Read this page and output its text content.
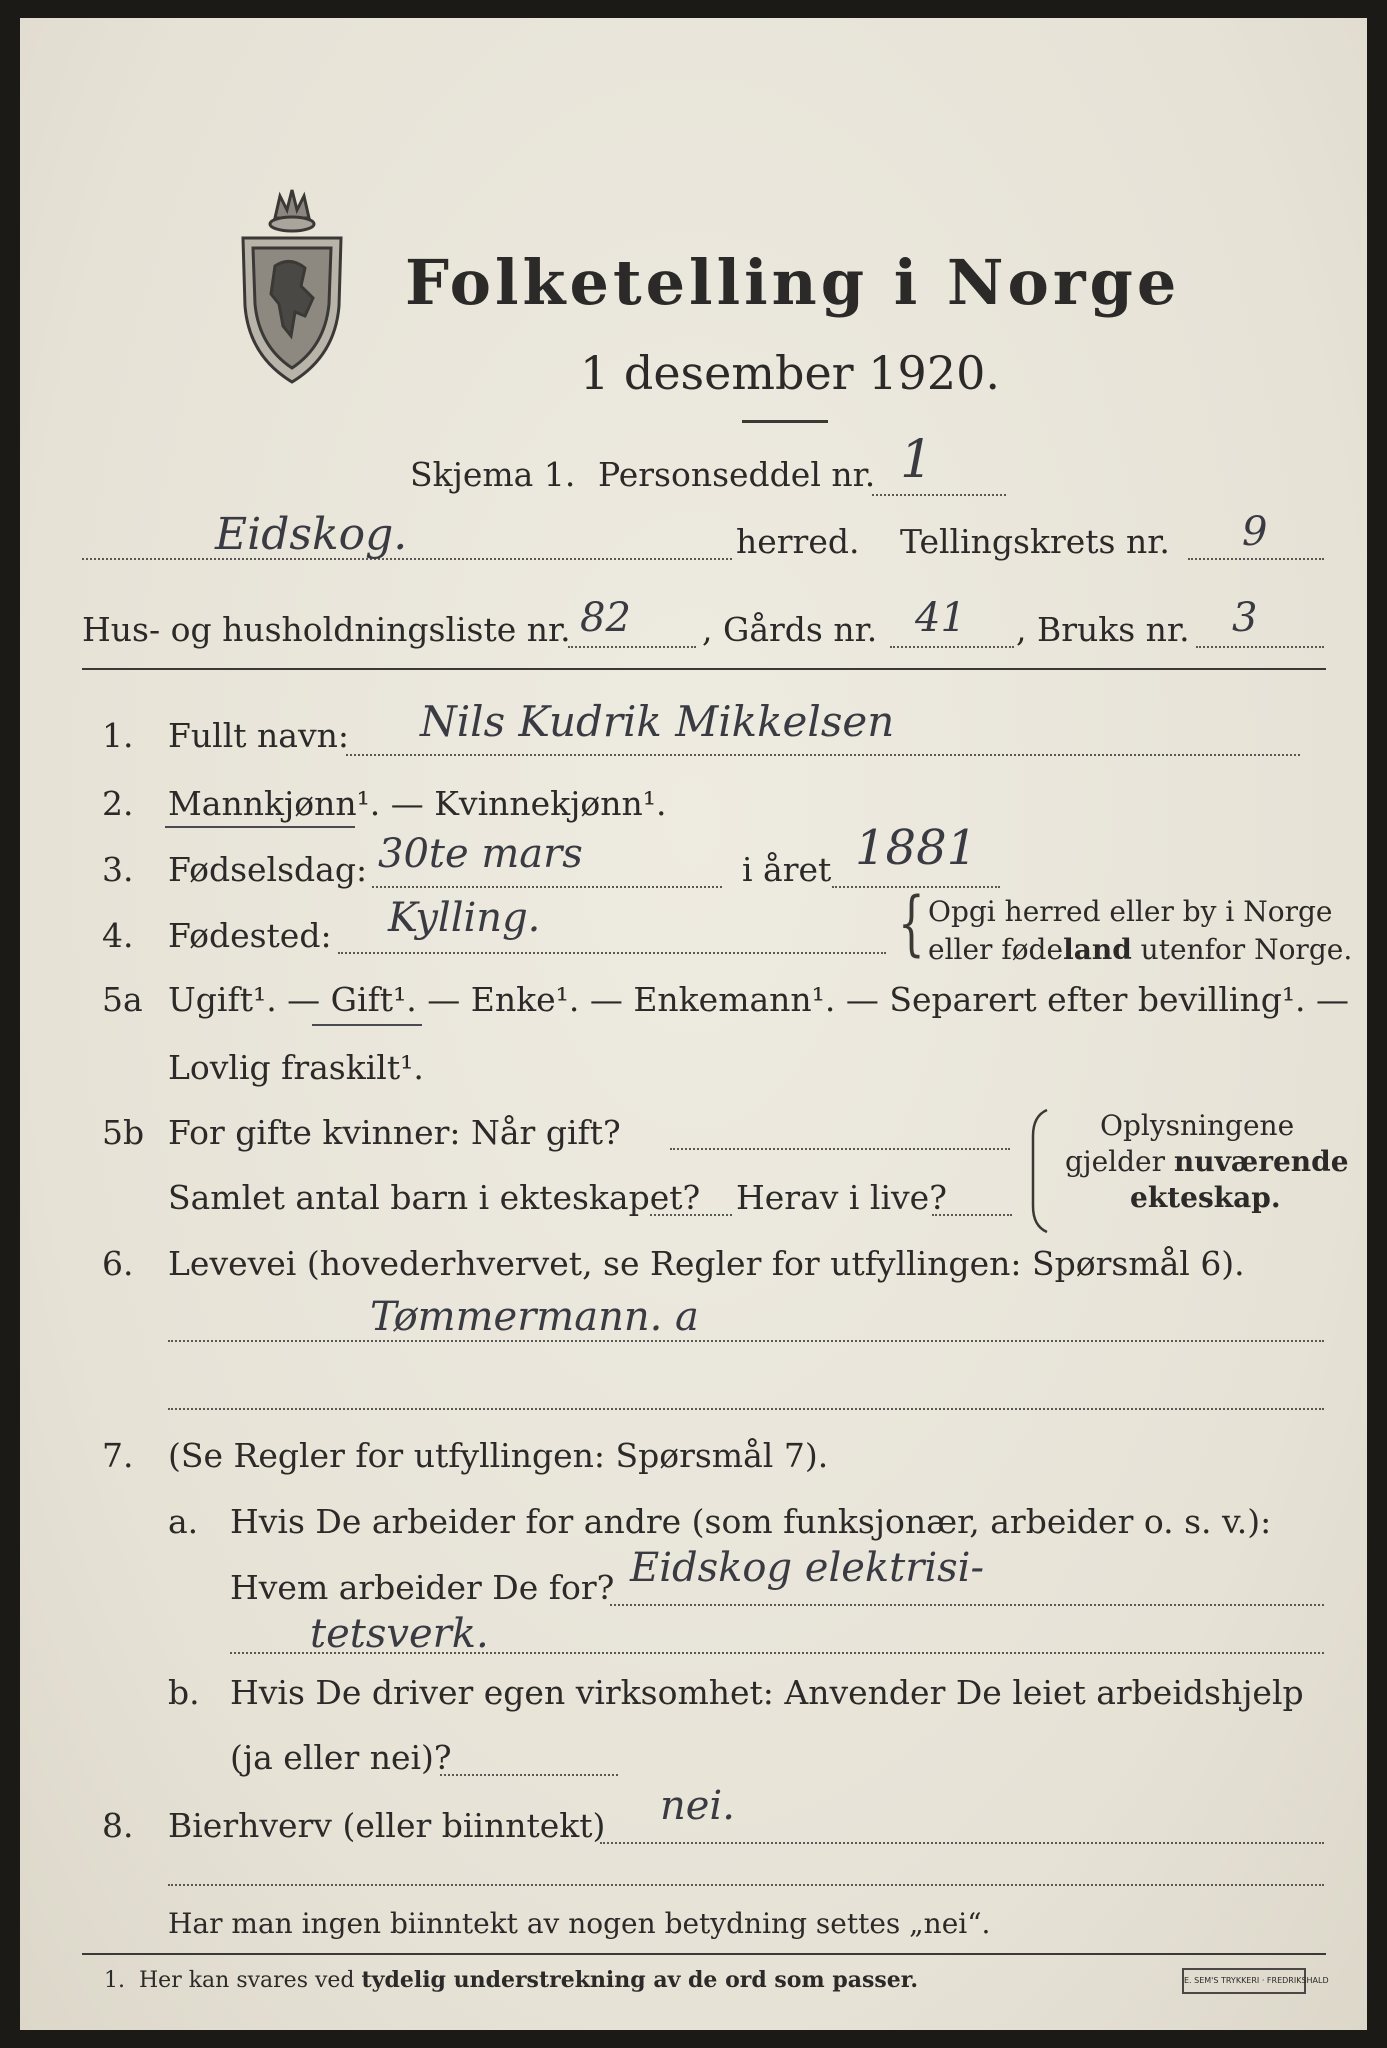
Folketelling i Norge
1 desember 1920.
Skjema 1. Personseddel nr. 1
Eidskog.	herred. Tellingskrets nr. 9
Hus- og husholdningsliste nr. 82 , Gårds nr. 41 , Bruks nr. 3
1. Fullt navn: Nils Kudrik Mikkelsen
2. Mannkjønn¹. — Kvinnekjønn¹.
3. Fødselsdag: 30te mars	i året 1881
4. Fødested: Kylling.	{ Opgi herred eller by i Norge
eller fødeland utenfor Norge.
5a Ugift¹. — Gift¹. — Enke¹. — Enkemann¹. — Separert efter bevilling¹. —
Lovlig fraskilt¹.
5b For gifte kvinner: Når gift?
Samlet antal barn i ekteskapet? Herav i live?
Oplysningene
gjelder nuværende
ekteskap.
6. Levevei (hovederhvervet, se Regler for utfyllingen: Spørsmål 6).
Tømmermann. a
7. (Se Regler for utfyllingen: Spørsmål 7).
a. Hvis De arbeider for andre (som funksjonær, arbeider o. s. v.):
Hvem arbeider De for? Eidskog elektrisi-
tetsverk.
b. Hvis De driver egen virksomhet: Anvender De leiet arbeidshjelp
(ja eller nei)?
8. Bierhverv (eller biinntekt) nei.
Har man ingen biinntekt av nogen betydning settes „nei“.
1. Her kan svares ved tydelig understrekning av de ord som passer.	E. SEM'S TRYKKERI · FREDRIKSHALD
